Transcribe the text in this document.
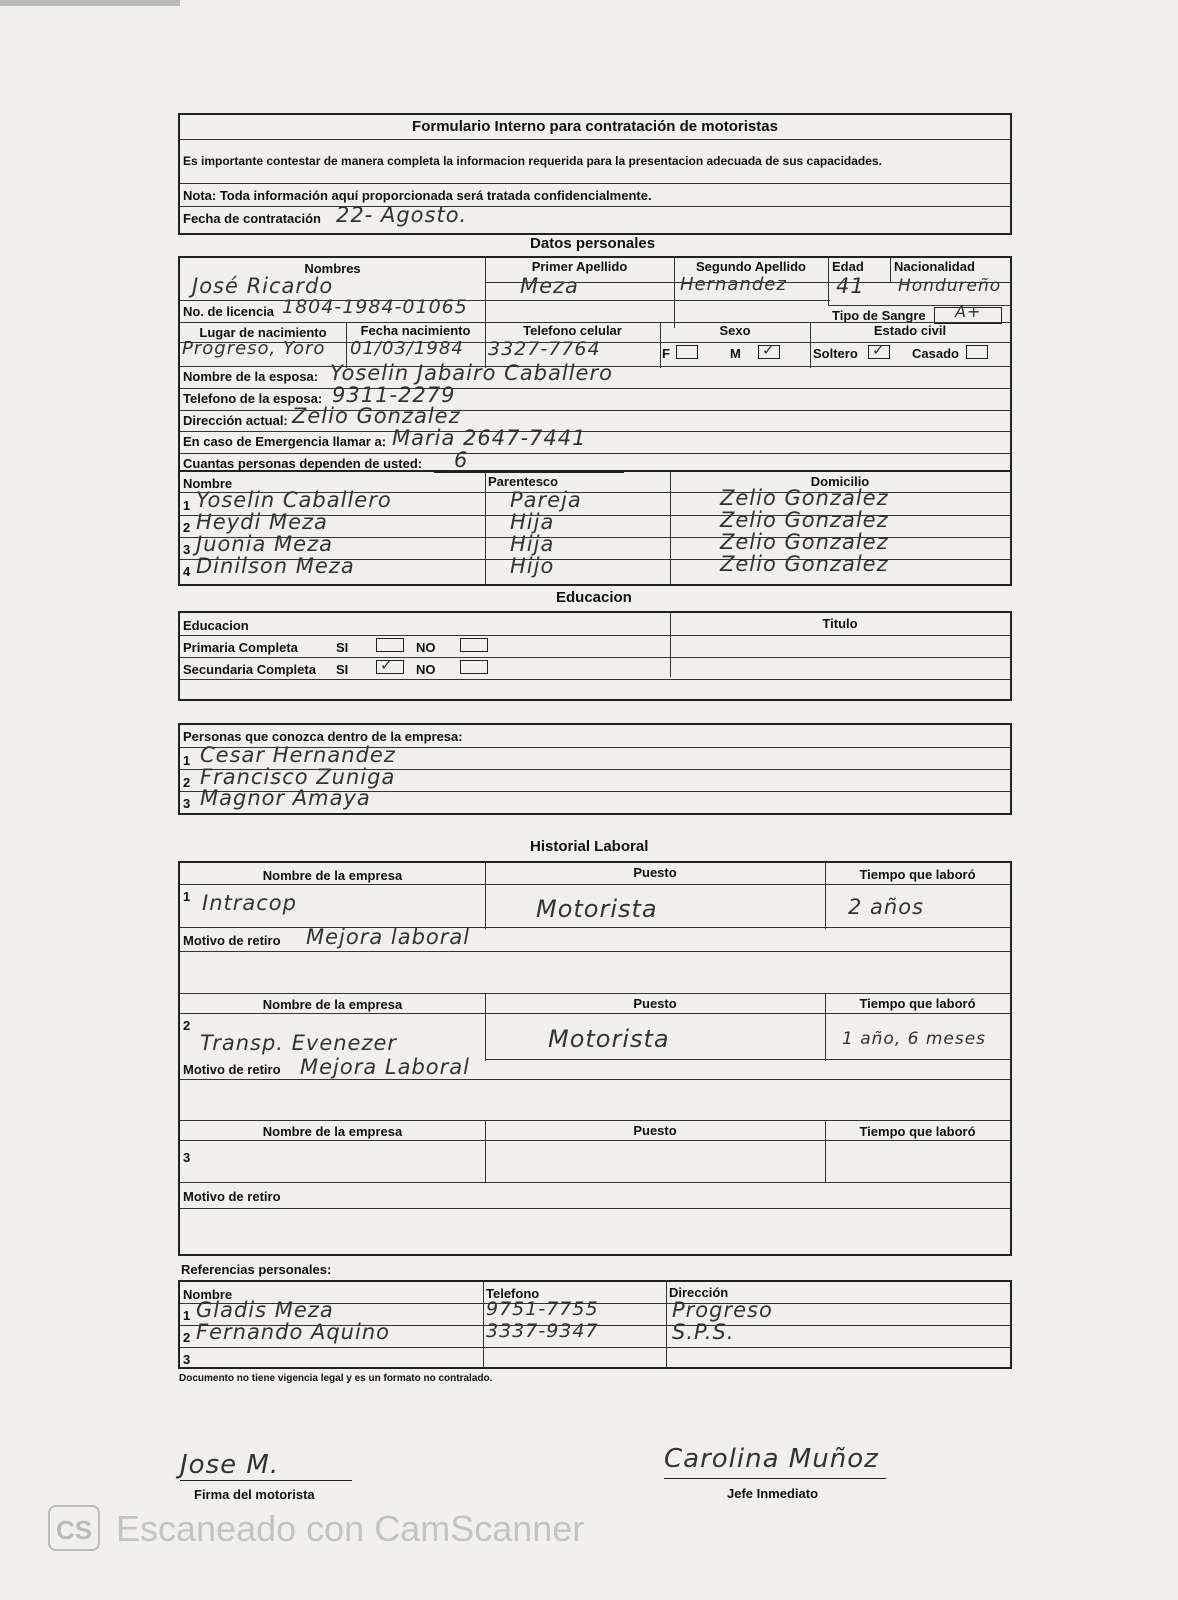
Formulario Interno para contratación de motoristas
Es importante contestar de manera completa la informacion requerida para la presentacion adecuada de sus capacidades.
Nota: Toda información aquí proporcionada será tratada confidencialmente.
Fecha de contratación 22- Agosto.
Datos personales
Nombres	Primer Apellido	Segundo Apellido	Edad Nacionalidad
José Ricardo	Meza	Hernandez 41 Hondureño
No. de licencia 1804-1984-01065	Tipo de Sangre A+
Lugar de nacimiento	Fecha nacimiento	Telefono celular	Sexo	Estado civil
Progreso, Yoro 01/03/1984 3327-7764	F	M ✓	Soltero ✓ Casado
Nombre de la esposa: Yoselin Jabairo Caballero
Telefono de la esposa: 9311-2279
Dirección actual: Zelio Gonzalez
En caso de Emergencia llamar a: Maria 2647-7441
Cuantas personas dependen de usted: 6
Nombre	Parentesco	Domicilio
1 Yoselin Caballero	Pareja	Zelio Gonzalez
2 Heydi Meza	Hija	Zelio Gonzalez
3 Juonia Meza	Hija	Zelio Gonzalez
4 Dinilson Meza	Hijo	Zelio Gonzalez
Educacion
Educacion	Titulo
Primaria Completa	SI	NO
Secundaria Completa SI ✓ NO
Personas que conozca dentro de la empresa:
1 Cesar Hernandez
2 Francisco Zuniga
3 Magnor Amaya
Historial Laboral
Nombre de la empresa	Puesto	Tiempo que laboró
1 Intracop	Motorista	2 años
Motivo de retiro Mejora laboral
Nombre de la empresa	Puesto	Tiempo que laboró
2
Transp. Evenezer	Motorista	1 año, 6 meses
Motivo de retiro Mejora Laboral
Nombre de la empresa	Puesto	Tiempo que laboró
3
Motivo de retiro
Referencias personales:
Nombre	Telefono	Dirección
1 Gladis Meza	9751-7755	Progreso
2 Fernando Aquino	3337-9347	S.P.S.
3
Documento no tiene vigencia legal y es un formato no contralado.
Jose M.
Firma del motorista
Carolina Muñoz
Jefe Inmediato
CS Escaneado con CamScanner
